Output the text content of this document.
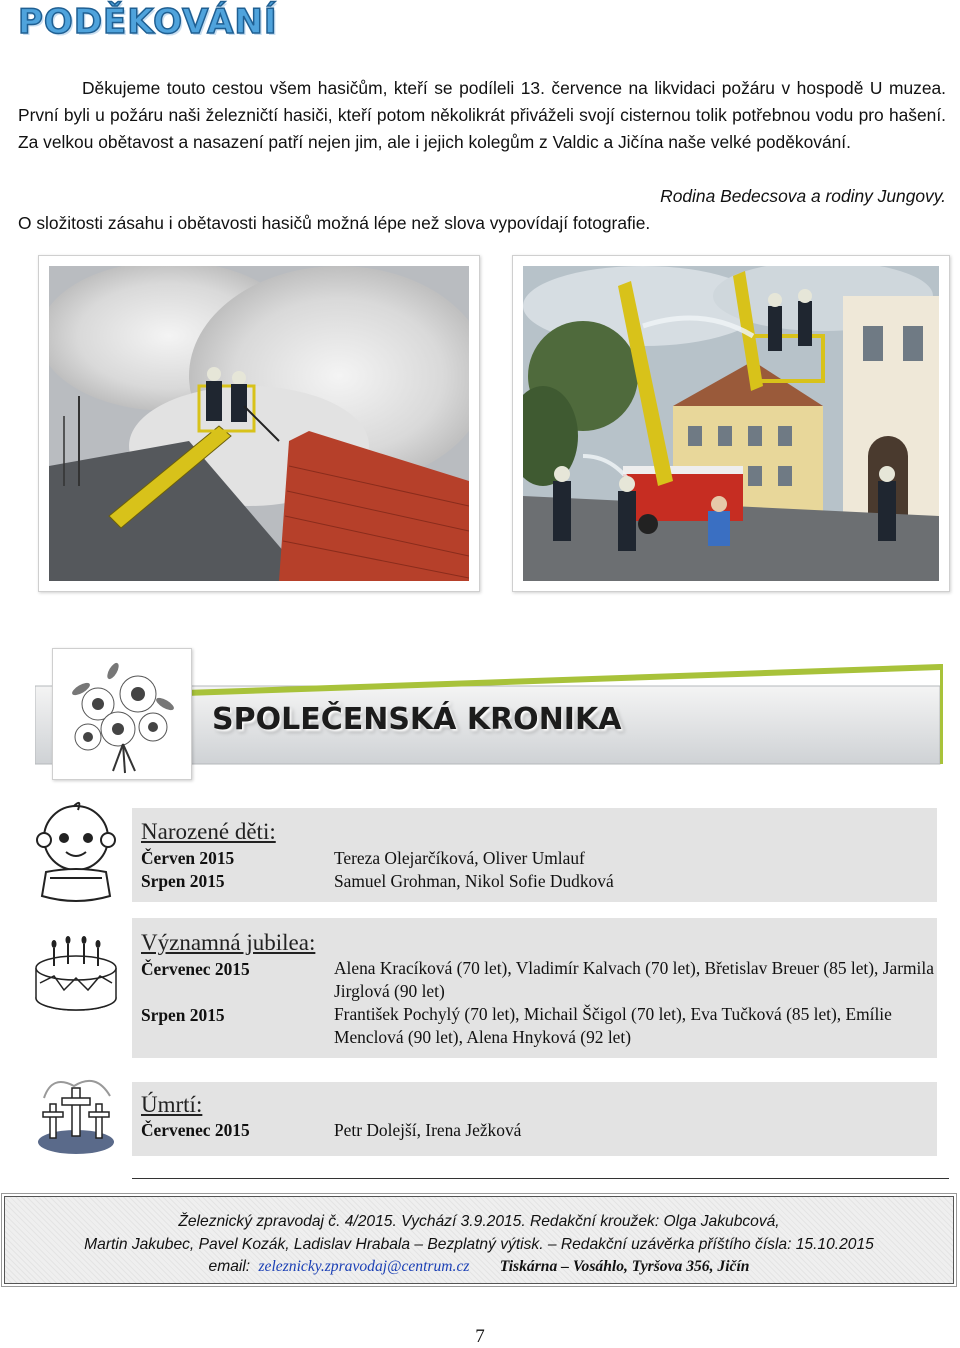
PODĚKOVÁNÍ

Děkujeme touto cestou všem hasičům, kteří se podíleli 13. července na likvidaci požáru v hospodě U muzea. První byli u požáru naši železničtí hasiči, kteří potom několikrát přiváželi svojí cisternou tolik potřebnou vodu pro hašení. Za velkou obětavost a nasazení patří nejen jim, ale i jejich kolegům z Valdic a Jičína naše velké poděkování.

Rodina Bedecsova a rodiny Jungovy.
O složitosti zásahu i obětavosti hasičů možná lépe než slova vypovídají fotografie.
SPOLEČENSKÁ KRONIKA
Narozené děti:
Červen 2015	Tereza Olejarčíková, Oliver Umlauf
Srpen 2015	Samuel Grohman, Nikol Sofie Dudková
Významná jubilea:
Červenec 2015	Alena Kracíková (70 let), Vladimír Kalvach (70 let), Břetislav Breuer (85 let), Jarmila Jirglová (90 let)
Srpen 2015	František Pochylý (70 let), Michail Ščigol (70 let), Eva Tučková (85 let), Emílie Menclová (90 let), Alena Hnyková (92 let)
Úmrtí:
Červenec 2015	Petr Dolejší, Irena Ježková
Železnický zpravodaj č. 4/2015. Vychází 3.9.2015. Redakční kroužek: Olga Jakubcová,
Martin Jakubec, Pavel Kozák, Ladislav Hrabala – Bezplatný výtisk. – Redakční uzávěrka příštího čísla: 15.10.2015
email: zeleznicky.zpravodaj@centrum.cz Tiskárna – Vosáhlo, Tyršova 356, Jičín
7
